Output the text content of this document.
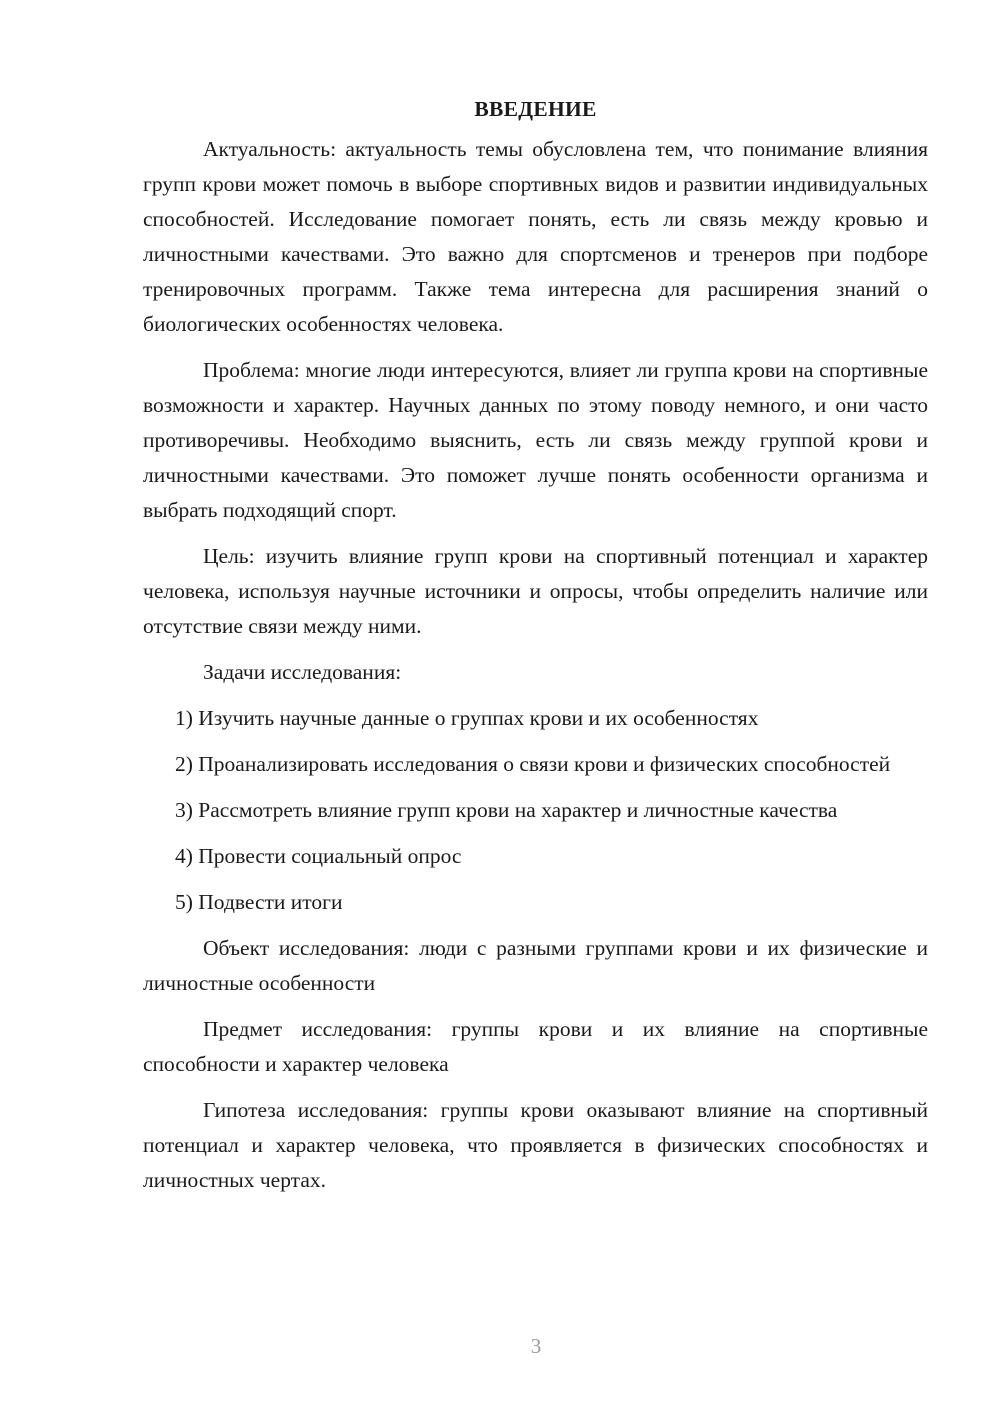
ВВЕДЕНИЕ

Актуальность: актуальность темы обусловлена тем, что понимание влияния групп крови может помочь в выборе спортивных видов и развитии индивидуальных способностей. Исследование помогает понять, есть ли связь между кровью и личностными качествами. Это важно для спортсменов и тренеров при подборе тренировочных программ. Также тема интересна для расширения знаний о биологических особенностях человека.

Проблема: многие люди интересуются, влияет ли группа крови на спортивные возможности и характер. Научных данных по этому поводу немного, и они часто противоречивы. Необходимо выяснить, есть ли связь между группой крови и личностными качествами. Это поможет лучше понять особенности организма и выбрать подходящий спорт.

Цель: изучить влияние групп крови на спортивный потенциал и характер человека, используя научные источники и опросы, чтобы определить наличие или отсутствие связи между ними.

Задачи исследования:

1) Изучить научные данные о группах крови и их особенностях

2) Проанализировать исследования о связи крови и физических способностей

3) Рассмотреть влияние групп крови на характер и личностные качества

4) Провести социальный опрос

5) Подвести итоги

Объект исследования: люди с разными группами крови и их физические и личностные особенности

Предмет исследования: группы крови и их влияние на спортивные способности и характер человека

Гипотеза исследования: группы крови оказывают влияние на спортивный потенциал и характер человека, что проявляется в физических способностях и личностных чертах.

3
